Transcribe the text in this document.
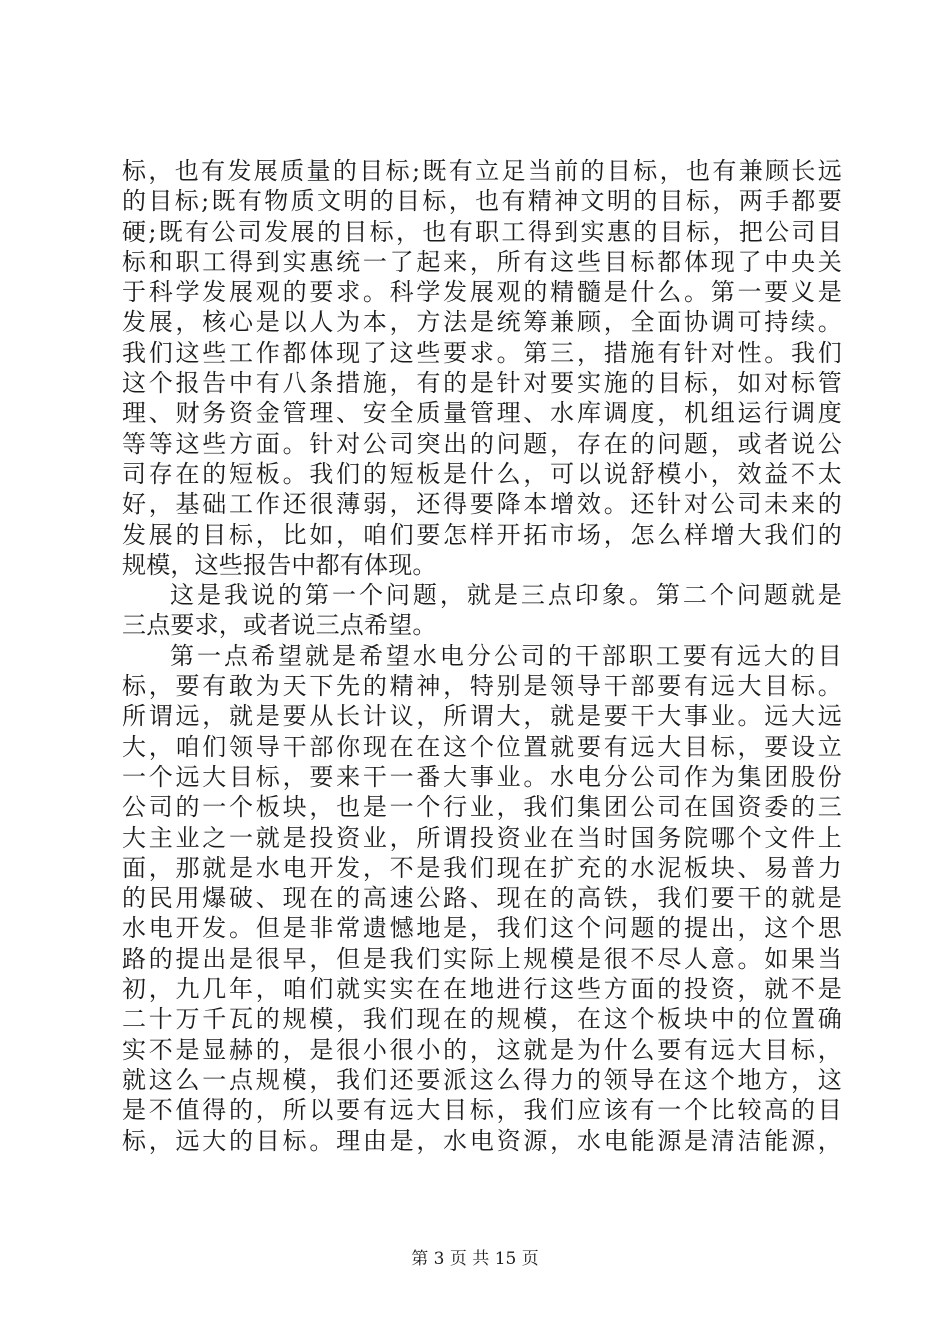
标，也有发展质量的目标;既有立足当前的目标，也有兼顾长远
的目标;既有物质文明的目标，也有精神文明的目标，两手都要
硬;既有公司发展的目标，也有职工得到实惠的目标，把公司目
标和职工得到实惠统一了起来，所有这些目标都体现了中央关
于科学发展观的要求。科学发展观的精髓是什么。第一要义是
发展，核心是以人为本，方法是统筹兼顾，全面协调可持续。
我们这些工作都体现了这些要求。第三，措施有针对性。我们
这个报告中有八条措施，有的是针对要实施的目标，如对标管
理、财务资金管理、安全质量管理、水库调度，机组运行调度
等等这些方面。针对公司突出的问题，存在的问题，或者说公
司存在的短板。我们的短板是什么，可以说舒模小，效益不太
好，基础工作还很薄弱，还得要降本增效。还针对公司未来的
发展的目标，比如，咱们要怎样开拓市场，怎么样增大我们的
规模，这些报告中都有体现。
这是我说的第一个问题，就是三点印象。第二个问题就是
三点要求，或者说三点希望。
第一点希望就是希望水电分公司的干部职工要有远大的目
标，要有敢为天下先的精神，特别是领导干部要有远大目标。
所谓远，就是要从长计议，所谓大，就是要干大事业。远大远
大，咱们领导干部你现在在这个位置就要有远大目标，要设立
一个远大目标，要来干一番大事业。水电分公司作为集团股份
公司的一个板块，也是一个行业，我们集团公司在国资委的三
大主业之一就是投资业，所谓投资业在当时国务院哪个文件上
面，那就是水电开发，不是我们现在扩充的水泥板块、易普力
的民用爆破、现在的高速公路、现在的高铁，我们要干的就是
水电开发。但是非常遗憾地是，我们这个问题的提出，这个思
路的提出是很早，但是我们实际上规模是很不尽人意。如果当
初，九几年，咱们就实实在在地进行这些方面的投资，就不是
二十万千瓦的规模，我们现在的规模，在这个板块中的位置确
实不是显赫的，是很小很小的，这就是为什么要有远大目标，
就这么一点规模，我们还要派这么得力的领导在这个地方，这
是不值得的，所以要有远大目标，我们应该有一个比较高的目
标，远大的目标。理由是，水电资源，水电能源是清洁能源，
第 3 页 共 15 页
